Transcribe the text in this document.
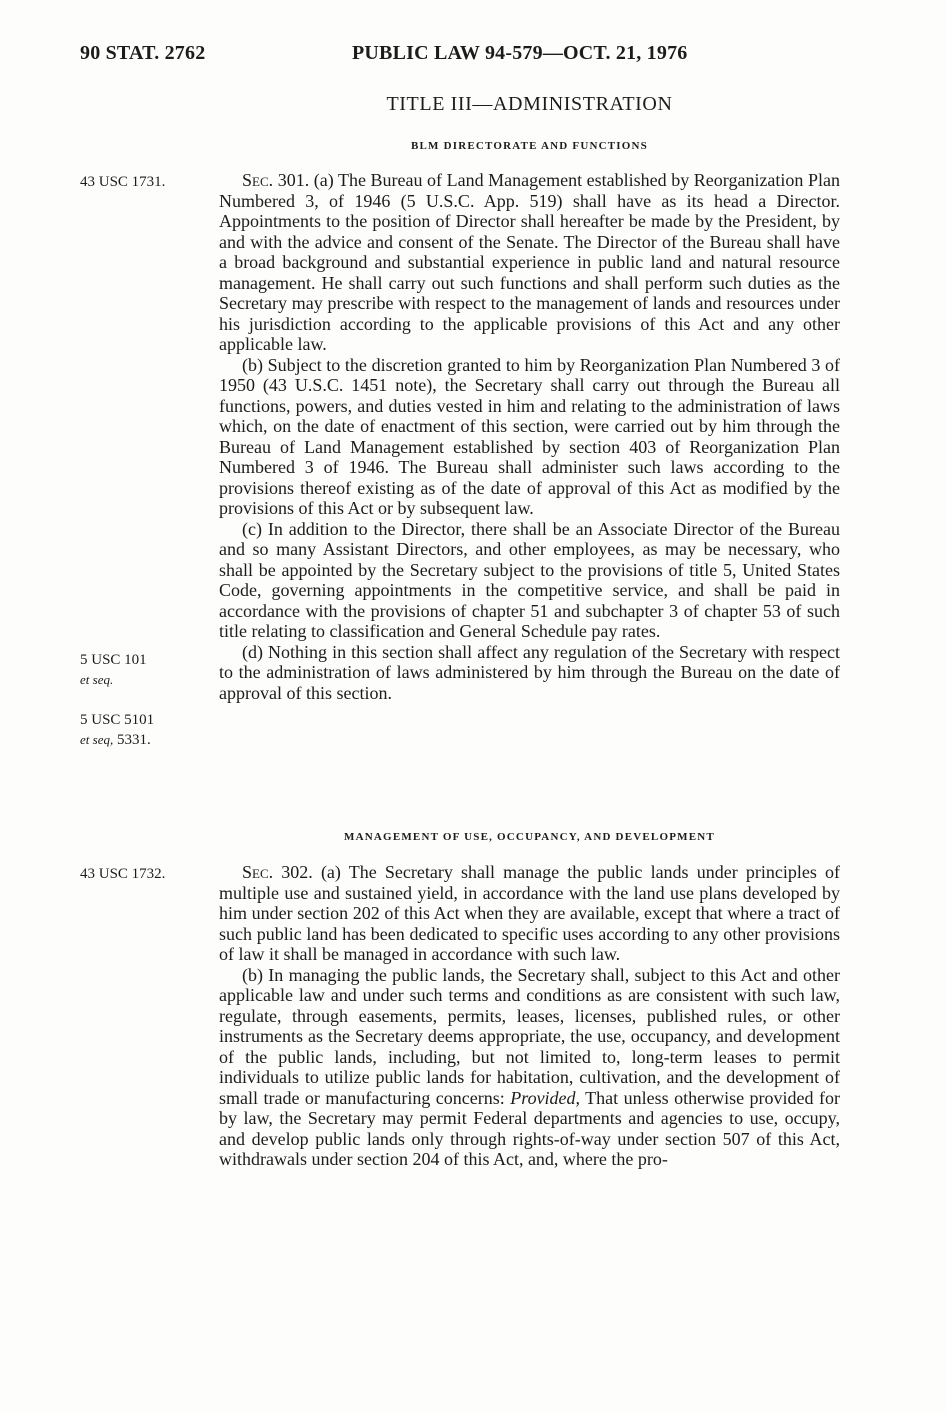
90 STAT. 2762	PUBLIC LAW 94-579—OCT. 21, 1976
TITLE III—ADMINISTRATION
BLM DIRECTORATE AND FUNCTIONS
43 USC 1731.
5 USC 101
et seq.
5 USC 5101
et seq, 5331.
43 USC 1732.

Sec. 301. (a) The Bureau of Land Management established by Reorganization Plan Numbered 3, of 1946 (5 U.S.C. App. 519) shall have as its head a Director. Appointments to the position of Director shall hereafter be made by the President, by and with the advice and consent of the Senate. The Director of the Bureau shall have a broad background and substantial experience in public land and natural resource management. He shall carry out such functions and shall perform such duties as the Secretary may prescribe with respect to the management of lands and resources under his jurisdiction according to the applicable provisions of this Act and any other applicable law.

(b) Subject to the discretion granted to him by Reorganization Plan Numbered 3 of 1950 (43 U.S.C. 1451 note), the Secretary shall carry out through the Bureau all functions, powers, and duties vested in him and relating to the administration of laws which, on the date of enactment of this section, were carried out by him through the Bureau of Land Management established by section 403 of Reorganization Plan Numbered 3 of 1946. The Bureau shall administer such laws according to the provisions thereof existing as of the date of approval of this Act as modified by the provisions of this Act or by subsequent law.

(c) In addition to the Director, there shall be an Associate Director of the Bureau and so many Assistant Directors, and other employees, as may be necessary, who shall be appointed by the Secretary subject to the provisions of title 5, United States Code, governing appointments in the competitive service, and shall be paid in accordance with the provisions of chapter 51 and subchapter 3 of chapter 53 of such title relating to classification and General Schedule pay rates.

(d) Nothing in this section shall affect any regulation of the Secretary with respect to the administration of laws administered by him through the Bureau on the date of approval of this section.

MANAGEMENT OF USE, OCCUPANCY, AND DEVELOPMENT

Sec. 302. (a) The Secretary shall manage the public lands under principles of multiple use and sustained yield, in accordance with the land use plans developed by him under section 202 of this Act when they are available, except that where a tract of such public land has been dedicated to specific uses according to any other provisions of law it shall be managed in accordance with such law.

(b) In managing the public lands, the Secretary shall, subject to this Act and other applicable law and under such terms and conditions as are consistent with such law, regulate, through easements, permits, leases, licenses, published rules, or other instruments as the Secretary deems appropriate, the use, occupancy, and development of the public lands, including, but not limited to, long-term leases to permit individuals to utilize public lands for habitation, cultivation, and the development of small trade or manufacturing concerns: Provided, That unless otherwise provided for by law, the Secretary may permit Federal departments and agencies to use, occupy, and develop public lands only through rights-of-way under section 507 of this Act, withdrawals under section 204 of this Act, and, where the pro-
